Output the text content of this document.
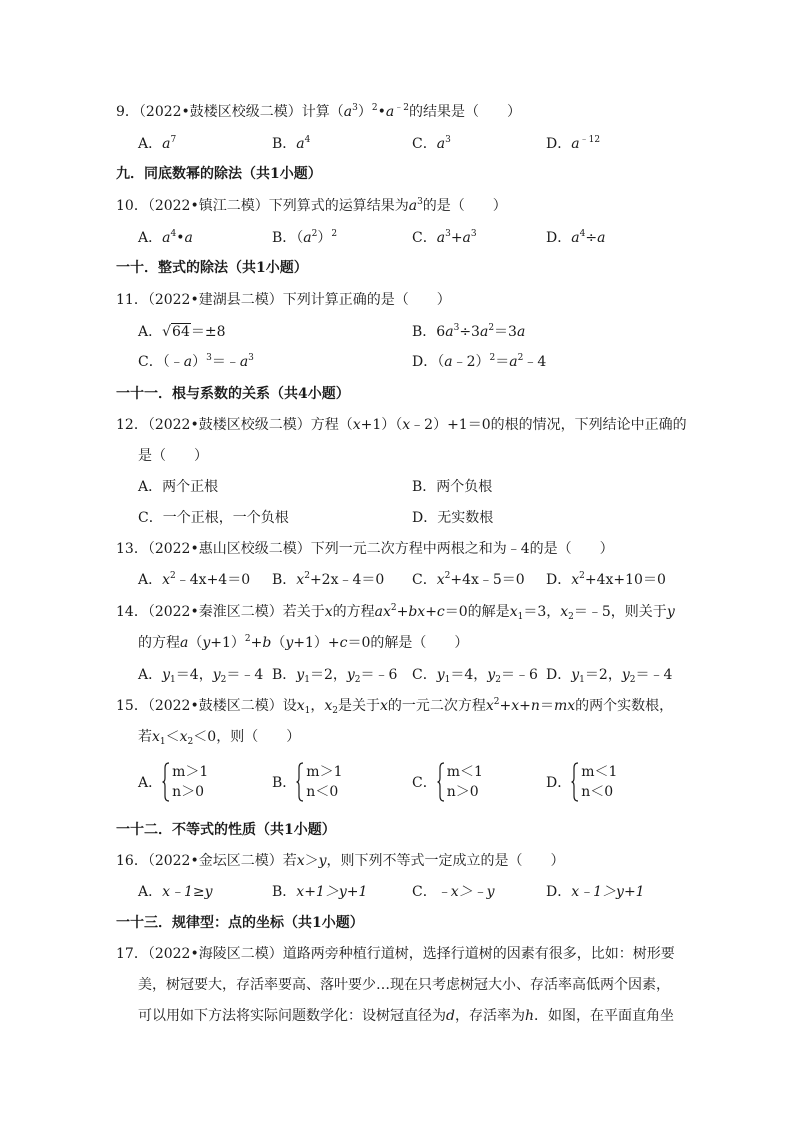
9．（2022•鼓楼区校级二模）计算$(a^3)^2•a^{﹣2}$的结果是（　　）
A．$a^7$	B．$a^4$	C．$a^3$	D．$a^{﹣12}$
九．同底数幂的除法（共1小题）
10．（2022•镇江二模）下列算式的运算结果为$a^3$的是（　　）
A．$a^4•a$	B．$(a^2)^2$	C．$a^3+a^3$	D．$a^4\div a$
一十．整式的除法（共1小题）
11．（2022•建湖县二模）下列计算正确的是（　　）
A．√64＝±8	B．$6a^3\div 3a^2=3a$
C．$(﹣a)^3=﹣a^3$	D．$(a﹣2)^2=a^2﹣4$
一十一．根与系数的关系（共4小题）
12．（2022•鼓楼区校级二模）方程（x+1）（x﹣2）+1＝0的根的情况，下列结论中正确的
是（　　）
A．两个正根	B．两个负根
C．一个正根，一个负根	D．无实数根
13．（2022•惠山区校级二模）下列一元二次方程中两根之和为﹣4的是（　　）
A．$x^2﹣4x+4=0$ B．$x^2+2x﹣4=0$ C．$x^2+4x﹣5=0$ D．$x^2+4x+10=0$
14．（2022•秦淮区二模）若关于x的方程$ax^2+bx+c=0$的解是$x_1=3$，$x_2=﹣5$，则关于y
的方程$a(y+1)^2+b(y+1)+c=0$的解是（　　）
A．$y_1=4$，$y_2=﹣4$ B．$y_1=2$，$y_2=﹣6$ C．$y_1=4$，$y_2=﹣6$ D．$y_1=2$，$y_2=﹣4$
15．（2022•鼓楼区二模）设$x_1$，$x_2$是关于x的一元二次方程$x^2+x+n=mx$的两个实数根，
若$x_1<x_2<0$，则（　　）
A．
m＞1
n＞0
B．
m＞1
n＜0
C．
m＜1
n＞0
D．
m＜1
n＜0
一十二．不等式的性质（共1小题）
16．（2022•金坛区二模）若x＞y，则下列不等式一定成立的是（　　）
A．x﹣1≥y	B．x+1＞y+1	C．﹣x＞﹣y	D．x﹣1＞y+1
一十三．规律型：点的坐标（共1小题）
17．（2022•海陵区二模）道路两旁种植行道树，选择行道树的因素有很多，比如：树形要
美，树冠要大，存活率要高、落叶要少…现在只考虑树冠大小、存活率高低两个因素，
可以用如下方法将实际问题数学化：设树冠直径为d，存活率为h．如图，在平面直角坐
